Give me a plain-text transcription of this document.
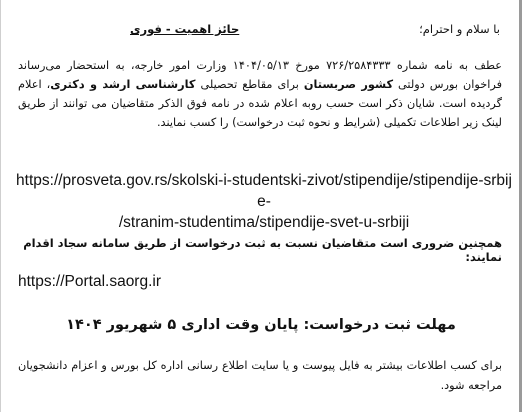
با سلام و احترام؛
حائز اهمیت - فوری
عطف به نامه شماره ۷۲۶/۲۵۸۴۳۳۳ مورخ ۱۴۰۴/۰۵/۱۳ وزارت امور خارجه، به استحضار می‌رساند فراخوان بورس دولتی کشور صربستان برای مقاطع تحصیلی کارشناسی ارشد و دکتری، اعلام گردیده است. شایان ذکر است حسب روبه اعلام شده در نامه فوق الذکر متقاضیان می توانند از طریق لینک زیر اطلاعات تکمیلی (شرایط و نحوه ثبت درخواست) را کسب نمایند.
https://prosveta.gov.rs/skolski-i-studentski-zivot/stipendije/stipendije-srbije-
/stranim-studentima/stipendije-svet-u-srbiji
همچنین ضروری است متقاضیان نسبت به ثبت درخواست از طریق سامانه سجاد اقدام نمایند:
https://Portal.saorg.ir
مهلت ثبت درخواست: پایان وقت اداری ۵ شهریور ۱۴۰۴
برای کسب اطلاعات بیشتر به فایل پیوست و یا سایت اطلاع رسانی اداره کل بورس و اعزام دانشجویان مراجعه شود.
